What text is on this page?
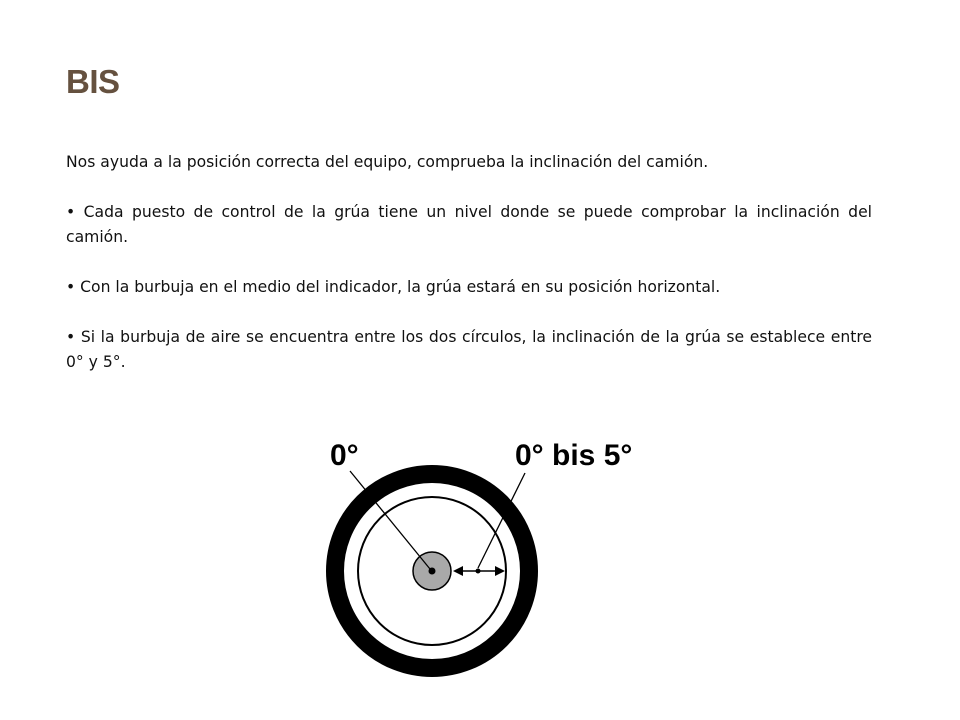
BIS

Nos ayuda a la posición correcta del equipo, comprueba la inclinación del camión.

• Cada puesto de control de la grúa tiene un nivel donde se puede comprobar la inclinación del camión.

• Con la burbuja en el medio del indicador, la grúa estará en su posición horizontal.

• Si la burbuja de aire se encuentra entre los dos círculos, la inclinación de la grúa se establece entre 0° y 5°.

0°	0° bis 5°
